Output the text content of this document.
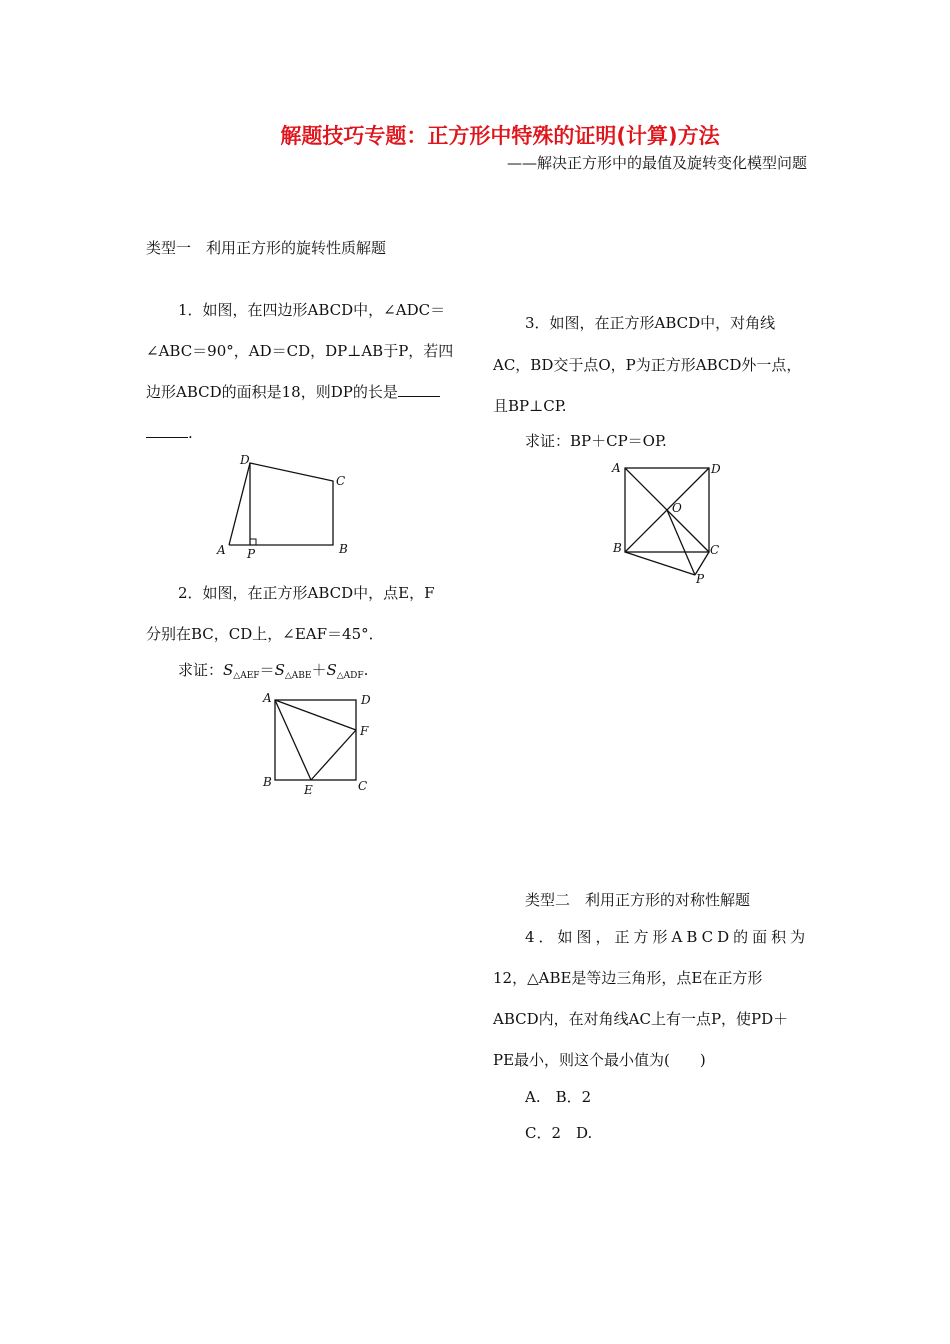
解题技巧专题：正方形中特殊的证明(计算)方法
——解决正方形中的最值及旋转变化模型问题
类型一　利用正方形的旋转性质解题
1．如图，在四边形ABCD中，∠ADC＝
∠ABC＝90°，AD＝CD，DP⊥AB于P，若四
边形ABCD的面积是18，则DP的长是
.
A P	B
C
D
2．如图，在正方形ABCD中，点E，F
分别在BC，CD上，∠EAF＝45°．
求证：$S_{\triangle AEF}=S_{\triangle ABE}+S_{\triangle ADF}$.
A	D
F
B
E	C
3．如图，在正方形ABCD中，对角线
AC，BD交于点O，P为正方形ABCD外一点，
且BP⊥CP.
求证：BP＋CP＝OP.
A	D
O
B	C
P
类型二　利用正方形的对称性解题
4．如图，正方形ABCD的面积为
12，△ABE是等边三角形，点E在正方形
ABCD内，在对角线AC上有一点P，使PD＋
PE最小，则这个最小值为(　　)
A.　B．2
C．2　D.
